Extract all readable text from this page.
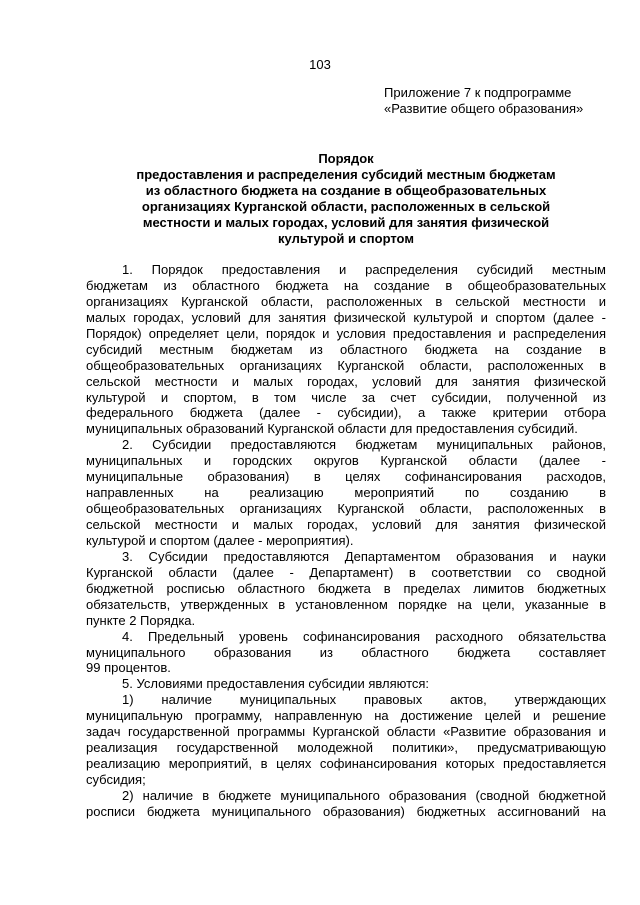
103
Приложение 7 к подпрограмме
«Развитие общего образования»
Порядок
предоставления и распределения субсидий местным бюджетам
из областного бюджета на создание в общеобразовательных
организациях Курганской области, расположенных в сельской
местности и малых городах, условий для занятия физической
культурой и спортом
1. Порядок предоставления и распределения субсидий местным
бюджетам из областного бюджета на создание в общеобразовательных
организациях Курганской области, расположенных в сельской местности и
малых городах, условий для занятия физической культурой и спортом (далее -
Порядок) определяет цели, порядок и условия предоставления и распределения
субсидий местным бюджетам из областного бюджета на создание в
общеобразовательных организациях Курганской области, расположенных в
сельской местности и малых городах, условий для занятия физической
культурой и спортом, в том числе за счет субсидии, полученной из
федерального бюджета (далее - субсидии), а также критерии отбора
муниципальных образований Курганской области для предоставления субсидий.
2. Субсидии предоставляются бюджетам муниципальных районов,
муниципальных и городских округов Курганской области (далее -
муниципальные образования) в целях софинансирования расходов,
направленных на реализацию мероприятий по созданию в
общеобразовательных организациях Курганской области, расположенных в
сельской местности и малых городах, условий для занятия физической
культурой и спортом (далее - мероприятия).
3. Субсидии предоставляются Департаментом образования и науки
Курганской области (далее - Департамент) в соответствии со сводной
бюджетной росписью областного бюджета в пределах лимитов бюджетных
обязательств, утвержденных в установленном порядке на цели, указанные в
пункте 2 Порядка.
4. Предельный уровень софинансирования расходного обязательства
муниципального образования из областного бюджета составляет
99 процентов.
5. Условиями предоставления субсидии являются:
1) наличие муниципальных правовых актов, утверждающих
муниципальную программу, направленную на достижение целей и решение
задач государственной программы Курганской области «Развитие образования и
реализация государственной молодежной политики», предусматривающую
реализацию мероприятий, в целях софинансирования которых предоставляется
субсидия;
2) наличие в бюджете муниципального образования (сводной бюджетной
росписи бюджета муниципального образования) бюджетных ассигнований на
